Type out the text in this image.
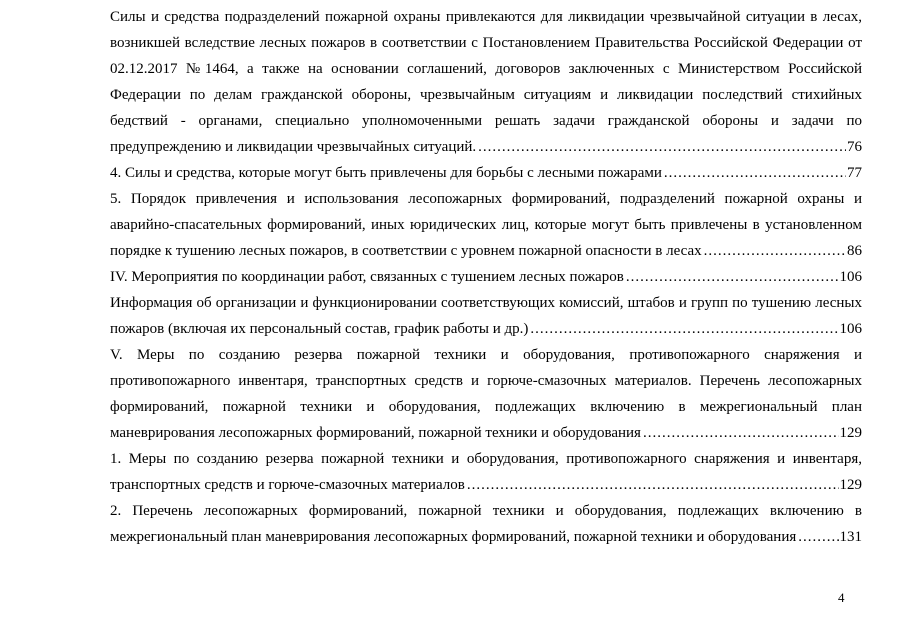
Силы и средства подразделений пожарной охраны привлекаются для ликвидации чрезвычайной ситуации в лесах,
возникшей вследствие лесных пожаров в соответствии с Постановлением Правительства Российской Федерации от
02.12.2017 №1464, а также на основании соглашений, договоров заключенных с Министерством Российской
Федерации по делам гражданской обороны, чрезвычайным ситуациям и ликвидации последствий стихийных
бедствий - органами, специально уполномоченными решать задачи гражданской обороны и задачи по
предупреждению и ликвидации чрезвычайных ситуаций. .....	76
4. Силы и средства, которые могут быть привлечены для борьбы с лесными пожарами .....	77
5. Порядок привлечения и использования лесопожарных формирований, подразделений пожарной охраны и
аварийно-спасательных формирований, иных юридических лиц, которые могут быть привлечены в установленном
порядке к тушению лесных пожаров, в соответствии с уровнем пожарной опасности в лесах .....	86
IV. Мероприятия по координации работ, связанных с тушением лесных пожаров .....	106
Информация об организации и функционировании соответствующих комиссий, штабов и групп по тушению лесных
пожаров (включая их персональный состав, график работы и др.) .....	106
V. Меры по созданию резерва пожарной техники и оборудования, противопожарного снаряжения и
противопожарного инвентаря, транспортных средств и горюче-смазочных материалов. Перечень лесопожарных
формирований, пожарной техники и оборудования, подлежащих включению в межрегиональный план
маневрирования лесопожарных формирований, пожарной техники и оборудования .....	129
1. Меры по созданию резерва пожарной техники и оборудования, противопожарного снаряжения и инвентаря,
транспортных средств и горюче-смазочных материалов .....	129
2. Перечень лесопожарных формирований, пожарной техники и оборудования, подлежащих включению в
межрегиональный план маневрирования лесопожарных формирований, пожарной техники и оборудования .....	131
4
